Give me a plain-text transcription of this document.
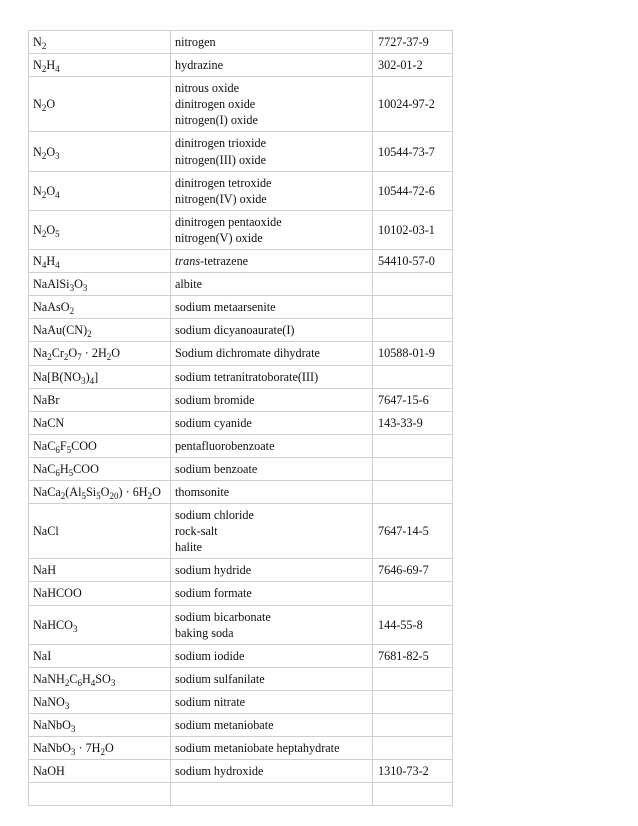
$N_2$	nitrogen	7727-37-9
$N_2H_4$	hydrazine	302-01-2
$N_2O$	nitrous oxide
dinitrogen oxide
nitrogen(I) oxide	10024-97-2
$N_2O_3$	dinitrogen trioxide
nitrogen(III) oxide	10544-73-7
$N_2O_4$	dinitrogen tetroxide
nitrogen(IV) oxide	10544-72-6
$N_2O_5$	dinitrogen pentaoxide
nitrogen(V) oxide	10102-03-1
$N_4H_4$	trans-tetrazene	54410-57-0
$NaAlSi_3O_3$	albite	

NaAsO$_2$	sodium metaarsenite	

$NaAu(CN)_2$	sodium dicyanoaurate(I)	

$Na_2Cr_2O_7 \cdot 2H_2O$	Sodium dichromate dihydrate	10588-01-9
$Na[B(NO_3)_4]$	sodium tetranitratoborate(III)	

NaBr	sodium bromide	7647-15-6
NaCN	sodium cyanide	143-33-9
$NaC_6F_5COO$	pentafluorobenzoate	

$NaC_6H_5COO$	sodium benzoate	

$NaCa_2(Al_5Si_5O_{20}) \cdot 6H_2O$	thomsonite	

NaCl	sodium chloride
rock-salt
halite	7647-14-5
NaH	sodium hydride	7646-69-7
NaHCOO	sodium formate	

NaHCO$_3$	sodium bicarbonate
baking soda	144-55-8
NaI	sodium iodide	7681-82-5
$NaNH_2C_6H_4SO_3$	sodium sulfanilate	

NaNO$_3$	sodium nitrate	

NaNbO$_3$	sodium metaniobate	

NaNbO$_3$ · $7H_2O$	sodium metaniobate heptahydrate	

NaOH	sodium hydroxide	1310-73-2
